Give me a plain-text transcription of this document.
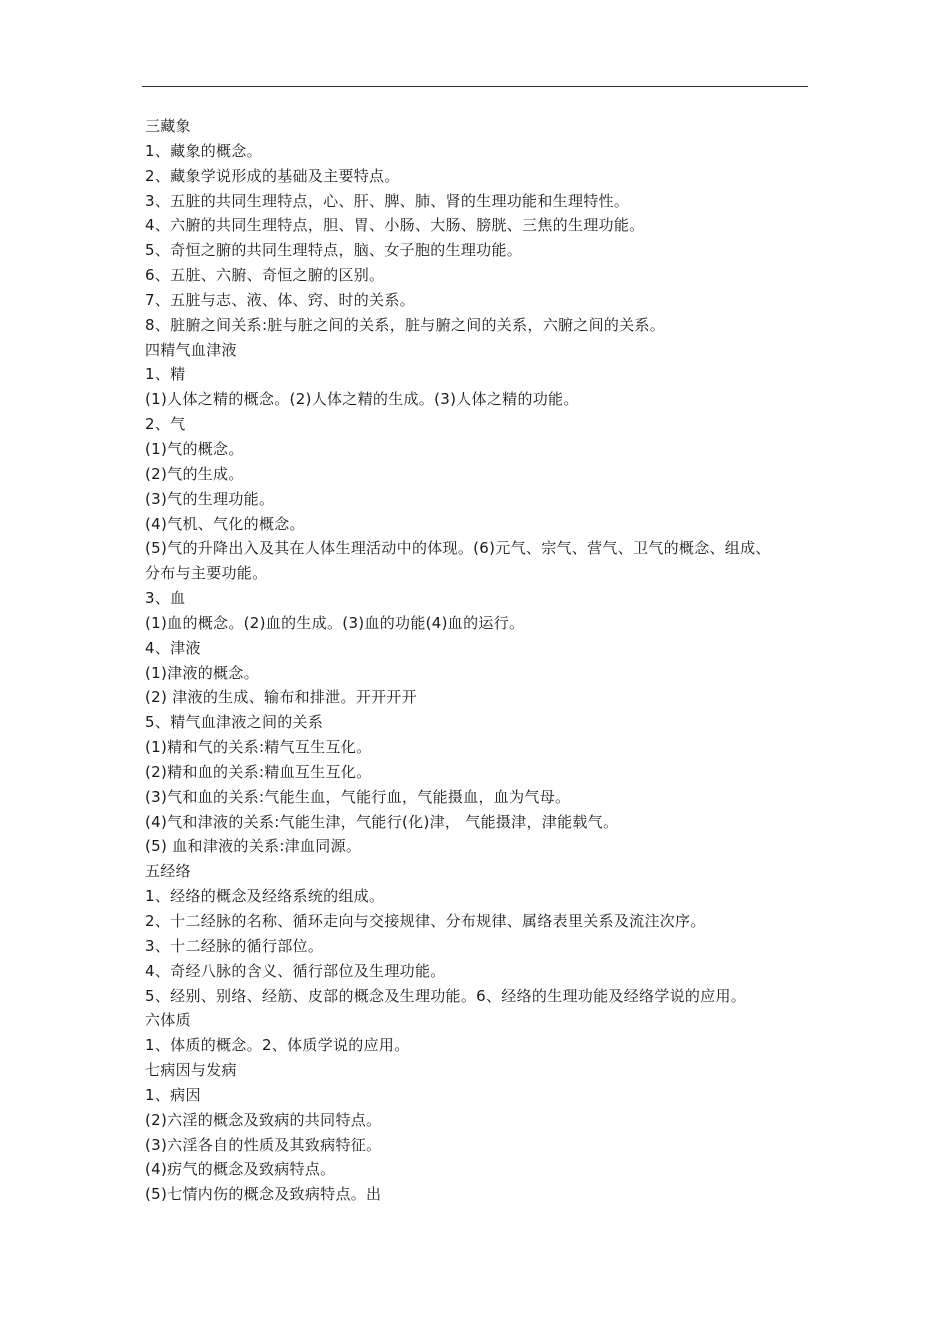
三藏象
1、藏象的概念。
2、藏象学说形成的基础及主要特点。
3、五脏的共同生理特点，心、肝、脾、肺、肾的生理功能和生理特性。
4、六腑的共同生理特点，胆、胃、小肠、大肠、膀胱、三焦的生理功能。
5、奇恒之腑的共同生理特点，脑、女子胞的生理功能。
6、五脏、六腑、奇恒之腑的区别。
7、五脏与志、液、体、窍、时的关系。
8、脏腑之间关系:脏与脏之间的关系，脏与腑之间的关系，六腑之间的关系。
四精气血津液
1、精
(1)人体之精的概念。(2)人体之精的生成。(3)人体之精的功能。
2、气
(1)气的概念。
(2)气的生成。
(3)气的生理功能。
(4)气机、气化的概念。
(5)气的升降出入及其在人体生理活动中的体现。(6)元气、宗气、营气、卫气的概念、组成、
分布与主要功能。
3、血
(1)血的概念。(2)血的生成。(3)血的功能(4)血的运行。
4、津液
(1)津液的概念。
(2) 津液的生成、输布和排泄。开开开开
5、精气血津液之间的关系
(1)精和气的关系:精气互生互化。
(2)精和血的关系:精血互生互化。
(3)气和血的关系:气能生血，气能行血，气能摄血，血为气母。
(4)气和津液的关系:气能生津，气能行(化)津， 气能摄津，津能载气。
(5) 血和津液的关系:津血同源。
五经络
1、经络的概念及经络系统的组成。
2、十二经脉的名称、循环走向与交接规律、分布规律、属络表里关系及流注次序。
3、十二经脉的循行部位。
4、奇经八脉的含义、循行部位及生理功能。
5、经别、别络、经筋、皮部的概念及生理功能。6、经络的生理功能及经络学说的应用。
六体质
1、体质的概念。2、体质学说的应用。
七病因与发病
1、病因
(2)六淫的概念及致病的共同特点。
(3)六淫各自的性质及其致病特征。
(4)疠气的概念及致病特点。
(5)七情内伤的概念及致病特点。出
